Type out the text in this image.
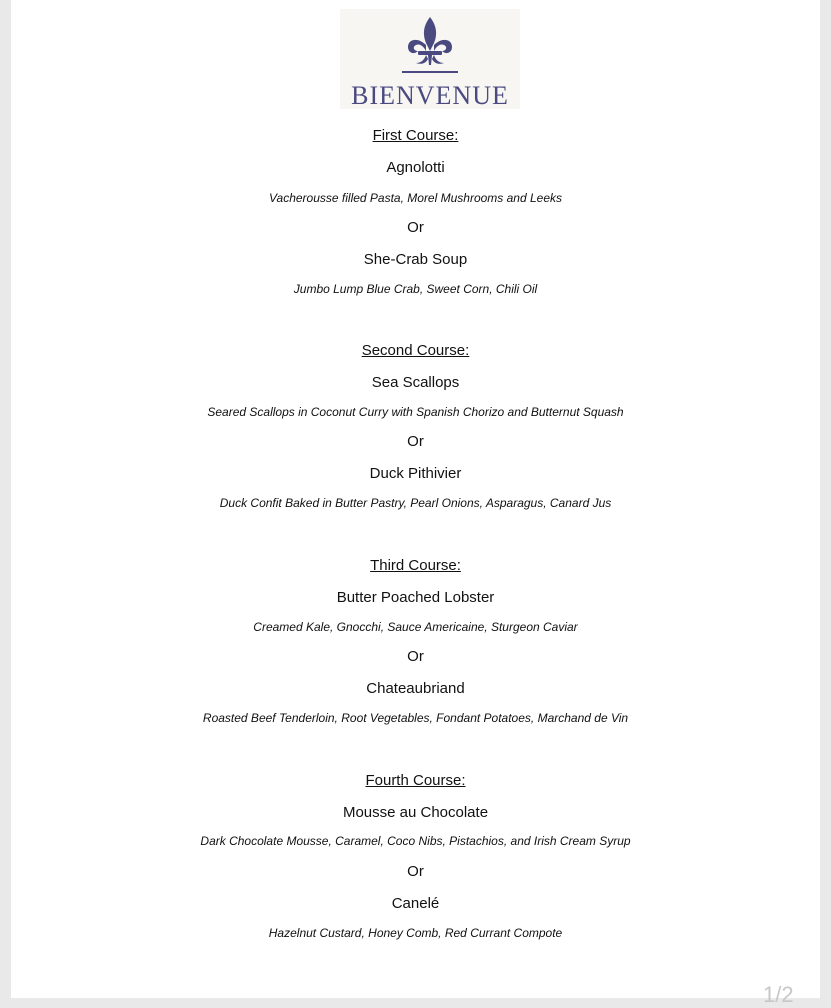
BIENVENUE
First Course:
Agnolotti
Vacherousse filled Pasta, Morel Mushrooms and Leeks
Or
She-Crab Soup
Jumbo Lump Blue Crab, Sweet Corn, Chili Oil
Second Course:
Sea Scallops
Seared Scallops in Coconut Curry with Spanish Chorizo and Butternut Squash
Or
Duck Pithivier
Duck Confit Baked in Butter Pastry, Pearl Onions, Asparagus, Canard Jus
Third Course:
Butter Poached Lobster
Creamed Kale, Gnocchi, Sauce Americaine, Sturgeon Caviar
Or
Chateaubriand
Roasted Beef Tenderloin, Root Vegetables, Fondant Potatoes, Marchand de Vin
Fourth Course:
Mousse au Chocolate
Dark Chocolate Mousse, Caramel, Coco Nibs, Pistachios, and Irish Cream Syrup
Or
Canelé
Hazelnut Custard, Honey Comb, Red Currant Compote
1/2
